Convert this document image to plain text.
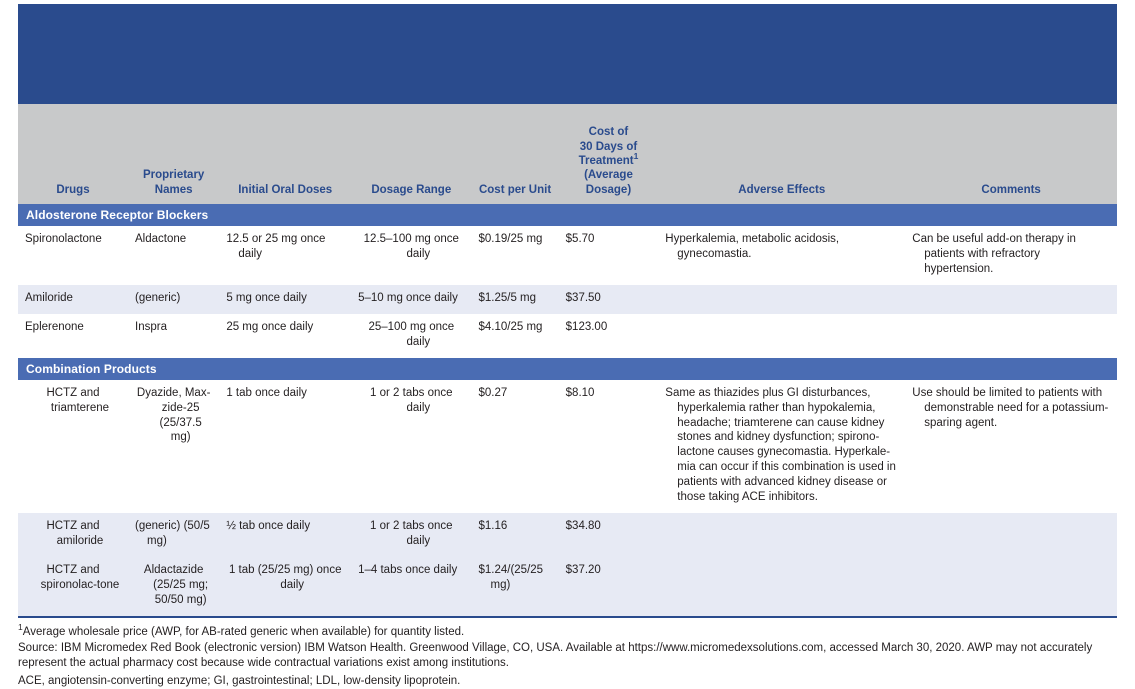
Drugs	Proprietary
Names	Initial Oral Doses	Dosage Range	Cost per Unit	Cost of
30 Days of
Treatment$^1$
(Average
Dosage)	Adverse Effects	Comments
Aldosterone Receptor Blockers							

Spironolactone	Aldactone	12.5 or 25 mg once daily	12.5–100 mg once daily	$0.19/25 mg	$5.70	Hyperkalemia, metabolic acidosis, gynecomastia.	Can be useful add-on therapy in patients with refractory hypertension.

Amiloride	(generic)	5 mg once daily	5–10 mg once daily	$1.25/5 mg	$37.50		

Eplerenone	Inspra	25 mg once daily	25–100 mg once daily	$4.10/25 mg	$123.00		

Combination Products							

HCTZ and triamterene	Dyazide, Max-zide-25 (25/37.5 mg)	1 tab once daily	1 or 2 tabs once daily	$0.27	$8.10	Same as thiazides plus GI disturbances, hyperkalemia rather than hypokalemia, headache; triamterene can cause kidney stones and kidney dysfunction; spirono-lactone causes gynecomastia. Hyperkale-mia can occur if this combination is used in patients with advanced kidney disease or those taking ACE inhibitors.	Use should be limited to patients with demonstrable need for a potassium-sparing agent.

HCTZ and amiloride	(generic) (50/5 mg)	½ tab once daily	1 or 2 tabs once daily	$1.16	$34.80		

HCTZ and spironolac-tone	Aldactazide (25/25 mg; 50/50 mg)	1 tab (25/25 mg) once daily	1–4 tabs once daily	$1.24/(25/25 mg)	$37.20		

$^1$Average wholesale price (AWP, for AB-rated generic when available) for quantity listed.

Source: IBM Micromedex Red Book (electronic version) IBM Watson Health. Greenwood Village, CO, USA. Available at https://www.micromedexsolutions.com, accessed March 30, 2020. AWP may not accurately represent the actual pharmacy cost because wide contractual variations exist among institutions.

ACE, angiotensin-converting enzyme; GI, gastrointestinal; LDL, low-density lipoprotein.
